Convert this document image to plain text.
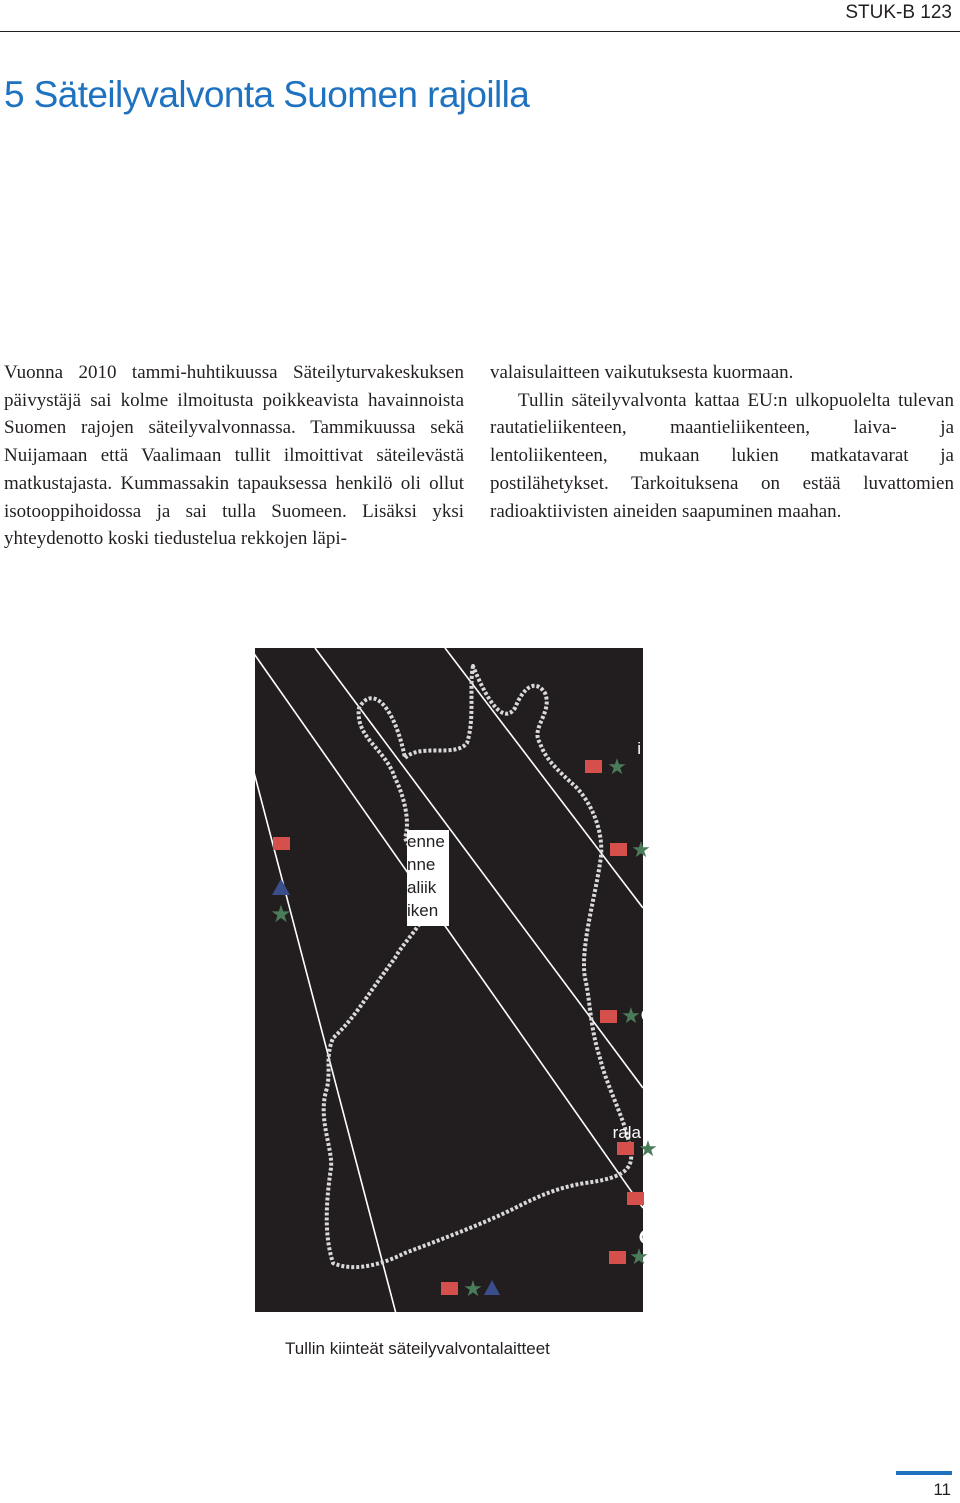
STUK-B 123
5 Säteilyvalvonta Suomen rajoilla

Vuonna 2010 tammi-huhtikuussa Säteilyturvakeskuksen päivystäjä sai kolme ilmoitusta poikkeavista havainnoista Suomen rajojen säteilyvalvonnassa. Tammikuussa sekä Nuijamaan että Vaalimaan tullit ilmoittivat säteilevästä matkustajasta. Kummassakin tapauksessa henkilö oli ollut isotooppihoidossa ja sai tulla Suomeen. Lisäksi yksi yhteydenotto koski tiedustelua rekkojen läpi-

valaisulaitteen vaikutuksesta kuormaan.

Tullin säteilyvalvonta kattaa EU:n ulkopuolelta tulevan rautatieliikenteen, maantieliikenteen, laiva- ja lentoliikenteen, mukaan lukien matkatavarat ja postilähetykset. Tarkoituksena on estää luvattomien radioaktiivisten aineiden saapuminen maahan.

★
★
★
★
★
★
★
i
rala
enne
nne
aliik
iken
Tullin kiinteät säteilyvalvontalaitteet
11
